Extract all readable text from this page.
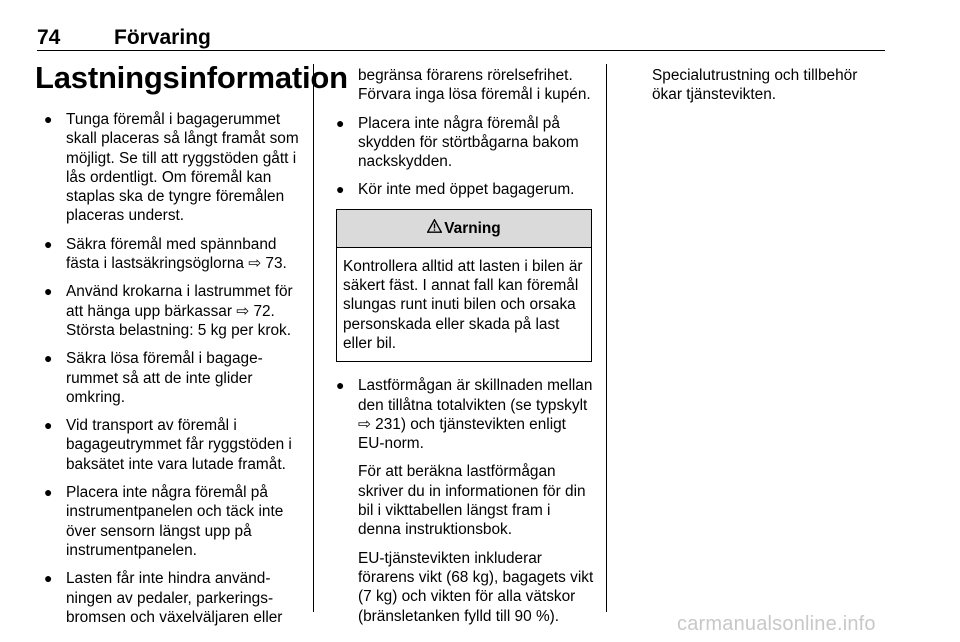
74	Förvaring
Lastningsinformation
● Tunga föremål i bagagerummet skall placeras så långt framåt som möjligt. Se till att ryggstöden gått i lås ordentligt. Om föremål kan staplas ska de tyngre föremålen placeras underst.
● Säkra föremål med spännband fästa i lastsäkringsöglorna ⇨ 73.
● Använd krokarna i lastrummet för att hänga upp bärkassar ⇨ 72. Största belastning: 5 kg per krok.
● Säkra lösa föremål i bagagerummet så att de inte glider omkring.
● Vid transport av föremål i bagageutrymmet får ryggstöden i baksätet inte vara lutade framåt.
● Placera inte några föremål på instrumentpanelen och täck inte över sensorn längst upp på instrumentpanelen.
● Lasten får inte hindra användningen av pedaler, parkeringsbromsen och växelväljaren eller
begränsa förarens rörelsefrihet. Förvara inga lösa föremål i kupén.
● Placera inte några föremål på skydden för störtbågarna bakom nackskydden.
● Kör inte med öppet bagagerum.
Varning
Kontrollera alltid att lasten i bilen är säkert fäst. I annat fall kan föremål slungas runt inuti bilen och orsaka personskada eller skada på last eller bil.
● Lastförmågan är skillnaden mellan den tillåtna totalvikten (se typskylt ⇨ 231) och tjänstevikten enligt EU-norm.
För att beräkna lastförmågan skriver du in informationen för din bil i vikttabellen längst fram i denna instruktionsbok.
EU-tjänstevikten inkluderar förarens vikt (68 kg), bagagets vikt (7 kg) och vikten för alla vätskor (bränsletanken fylld till 90 %).
Specialutrustning och tillbehör ökar tjänstevikten.
carmanualsonline.info
